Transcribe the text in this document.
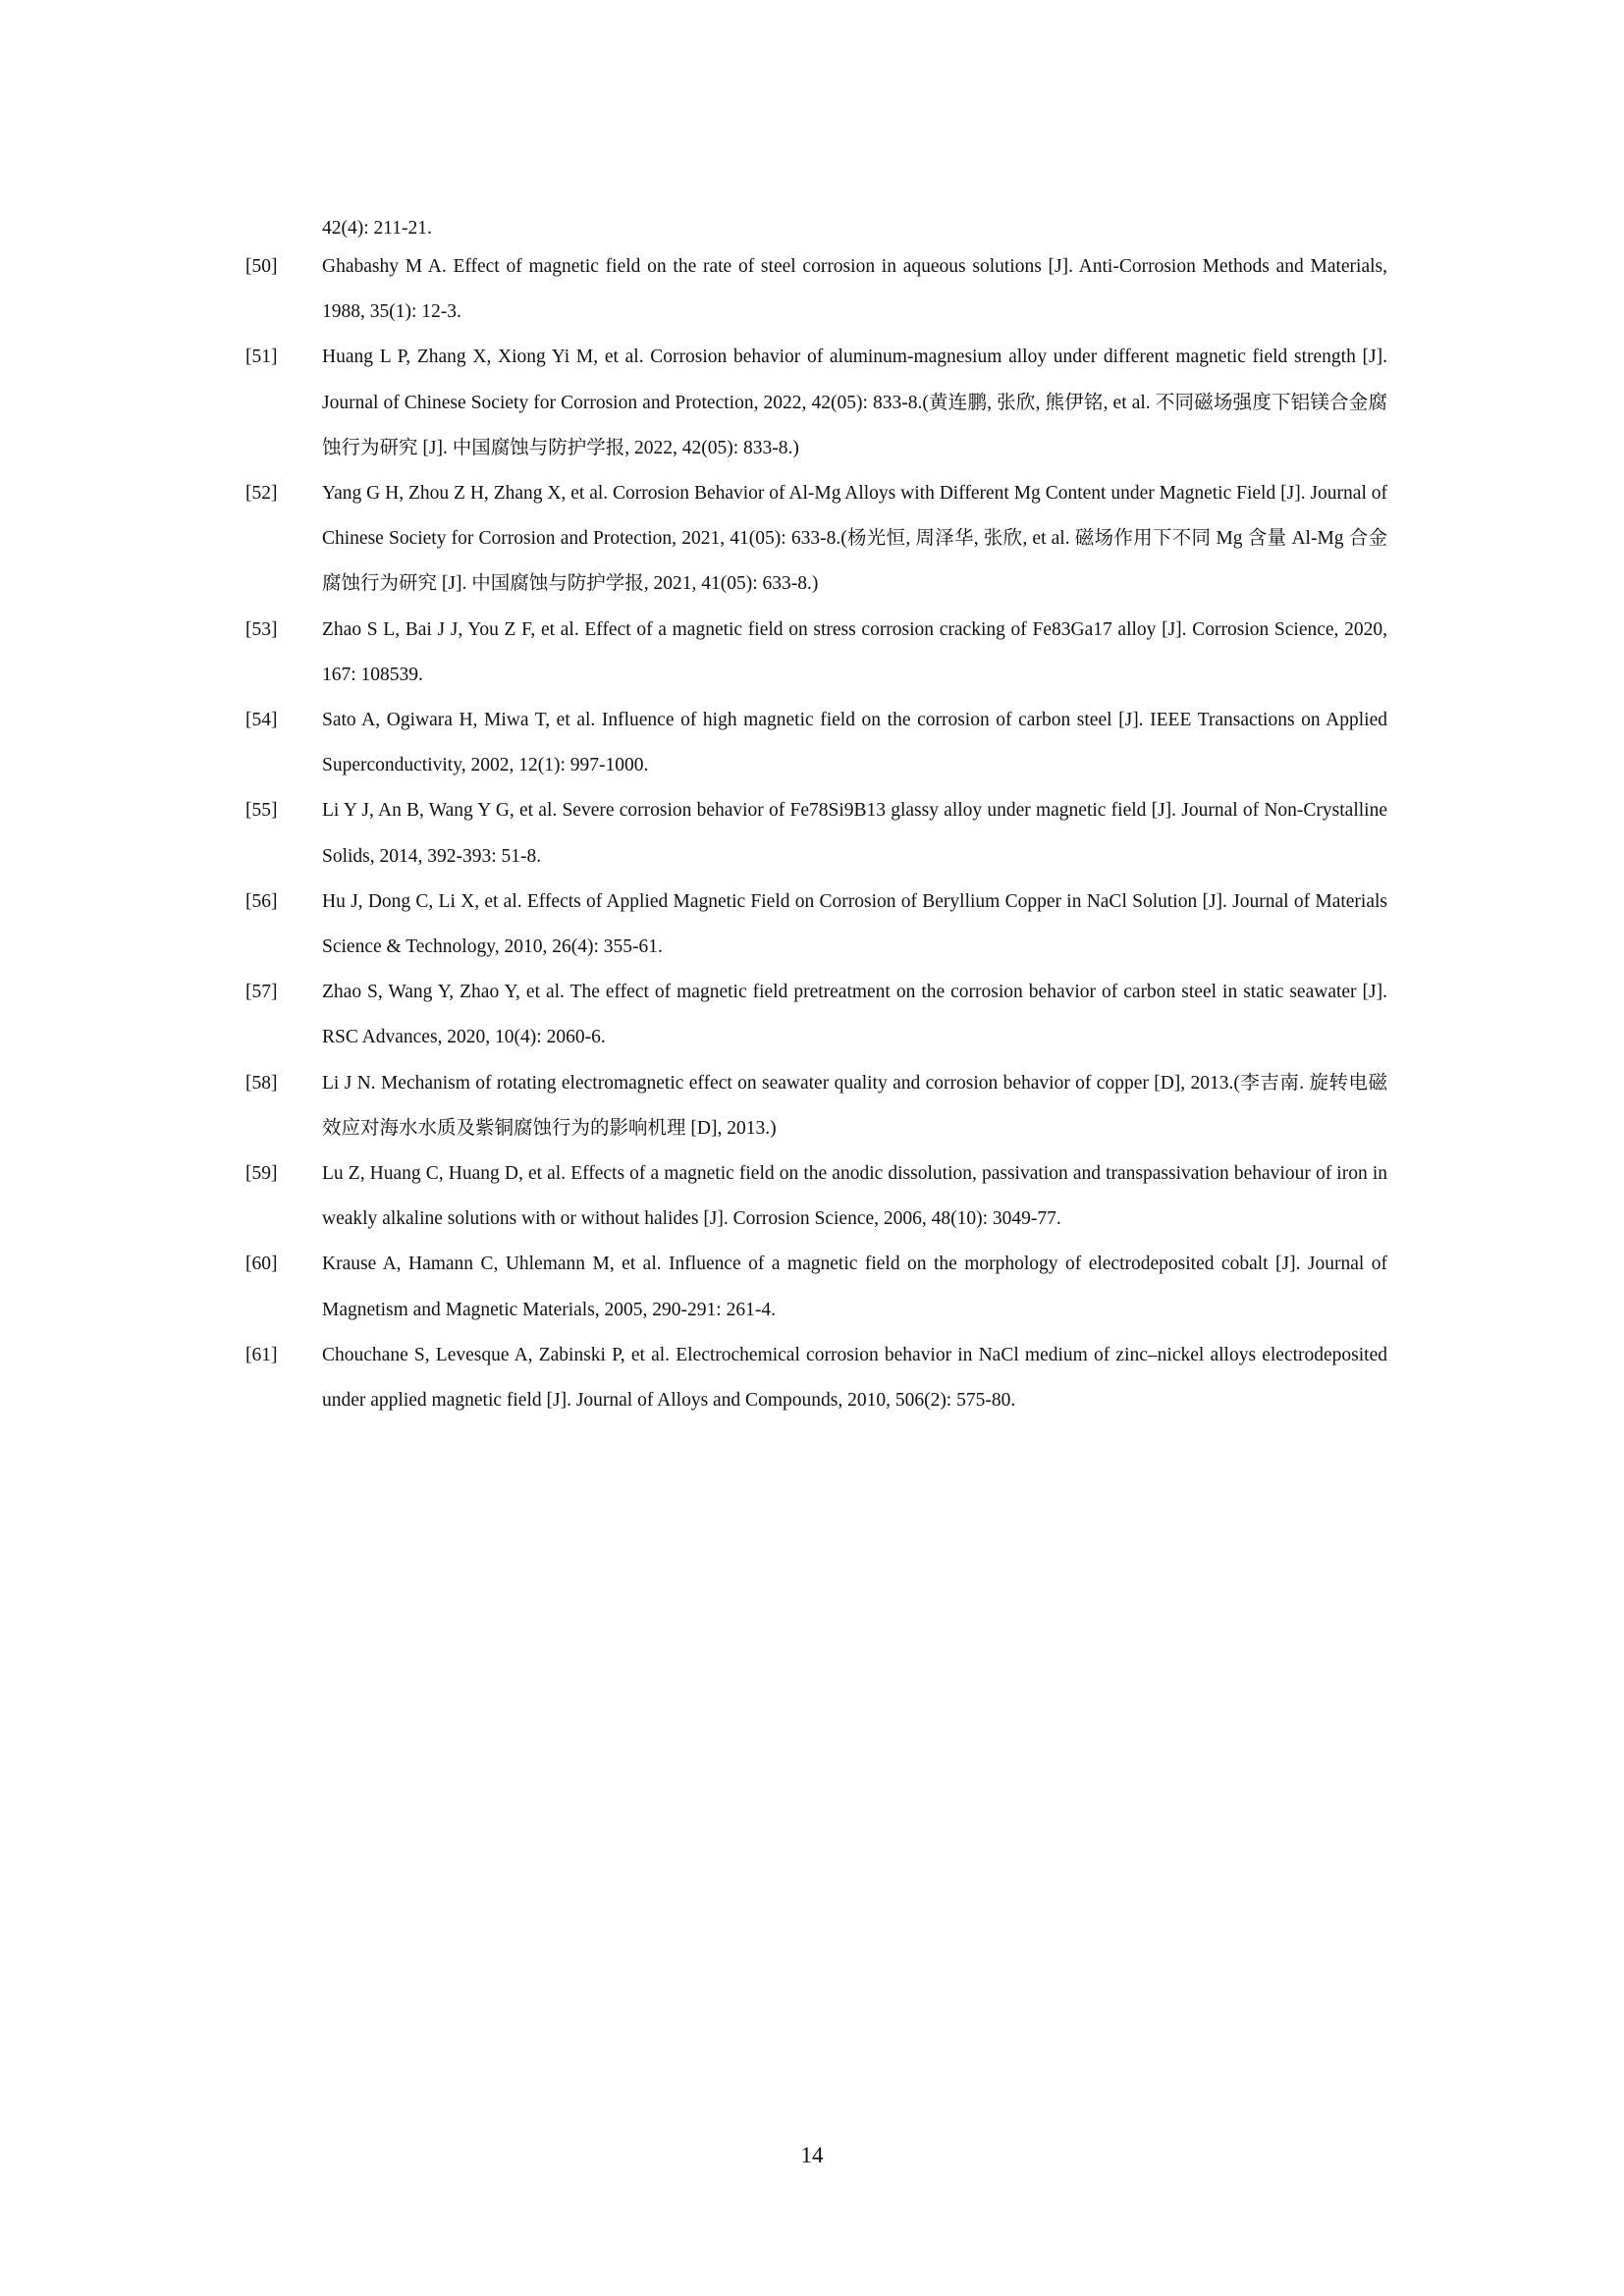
42(4): 211-21.

[50]	Ghabashy M A. Effect of magnetic field on the rate of steel corrosion in aqueous solutions [J]. Anti-Corrosion Methods and Materials, 1988, 35(1): 12-3.
[51]	Huang L P, Zhang X, Xiong Yi M, et al. Corrosion behavior of aluminum-magnesium alloy under different magnetic field strength [J]. Journal of Chinese Society for Corrosion and Protection, 2022, 42(05): 833-8.(黄连鹏, 张欣, 熊伊铭, et al. 不同磁场强度下铝镁合金腐蚀行为研究 [J]. 中国腐蚀与防护学报, 2022, 42(05): 833-8.)
[52]	Yang G H, Zhou Z H, Zhang X, et al. Corrosion Behavior of Al-Mg Alloys with Different Mg Content under Magnetic Field [J]. Journal of Chinese Society for Corrosion and Protection, 2021, 41(05): 633-8.(杨光恒, 周泽华, 张欣, et al. 磁场作用下不同 Mg 含量 Al-Mg 合金腐蚀行为研究 [J]. 中国腐蚀与防护学报, 2021, 41(05): 633-8.)
[53]	Zhao S L, Bai J J, You Z F, et al. Effect of a magnetic field on stress corrosion cracking of Fe83Ga17 alloy [J]. Corrosion Science, 2020, 167: 108539.
[54]	Sato A, Ogiwara H, Miwa T, et al. Influence of high magnetic field on the corrosion of carbon steel [J]. IEEE Transactions on Applied Superconductivity, 2002, 12(1): 997-1000.
[55]	Li Y J, An B, Wang Y G, et al. Severe corrosion behavior of Fe78Si9B13 glassy alloy under magnetic field [J]. Journal of Non-Crystalline Solids, 2014, 392-393: 51-8.
[56]	Hu J, Dong C, Li X, et al. Effects of Applied Magnetic Field on Corrosion of Beryllium Copper in NaCl Solution [J]. Journal of Materials Science & Technology, 2010, 26(4): 355-61.
[57]	Zhao S, Wang Y, Zhao Y, et al. The effect of magnetic field pretreatment on the corrosion behavior of carbon steel in static seawater [J]. RSC Advances, 2020, 10(4): 2060-6.
[58]	Li J N. Mechanism of rotating electromagnetic effect on seawater quality and corrosion behavior of copper [D], 2013.(李吉南. 旋转电磁效应对海水水质及紫铜腐蚀行为的影响机理 [D], 2013.)
[59]	Lu Z, Huang C, Huang D, et al. Effects of a magnetic field on the anodic dissolution, passivation and transpassivation behaviour of iron in weakly alkaline solutions with or without halides [J]. Corrosion Science, 2006, 48(10): 3049-77.
[60]	Krause A, Hamann C, Uhlemann M, et al. Influence of a magnetic field on the morphology of electrodeposited cobalt [J]. Journal of Magnetism and Magnetic Materials, 2005, 290-291: 261-4.
[61]	Chouchane S, Levesque A, Zabinski P, et al. Electrochemical corrosion behavior in NaCl medium of zinc–nickel alloys electrodeposited under applied magnetic field [J]. Journal of Alloys and Compounds, 2010, 506(2): 575-80.
14
